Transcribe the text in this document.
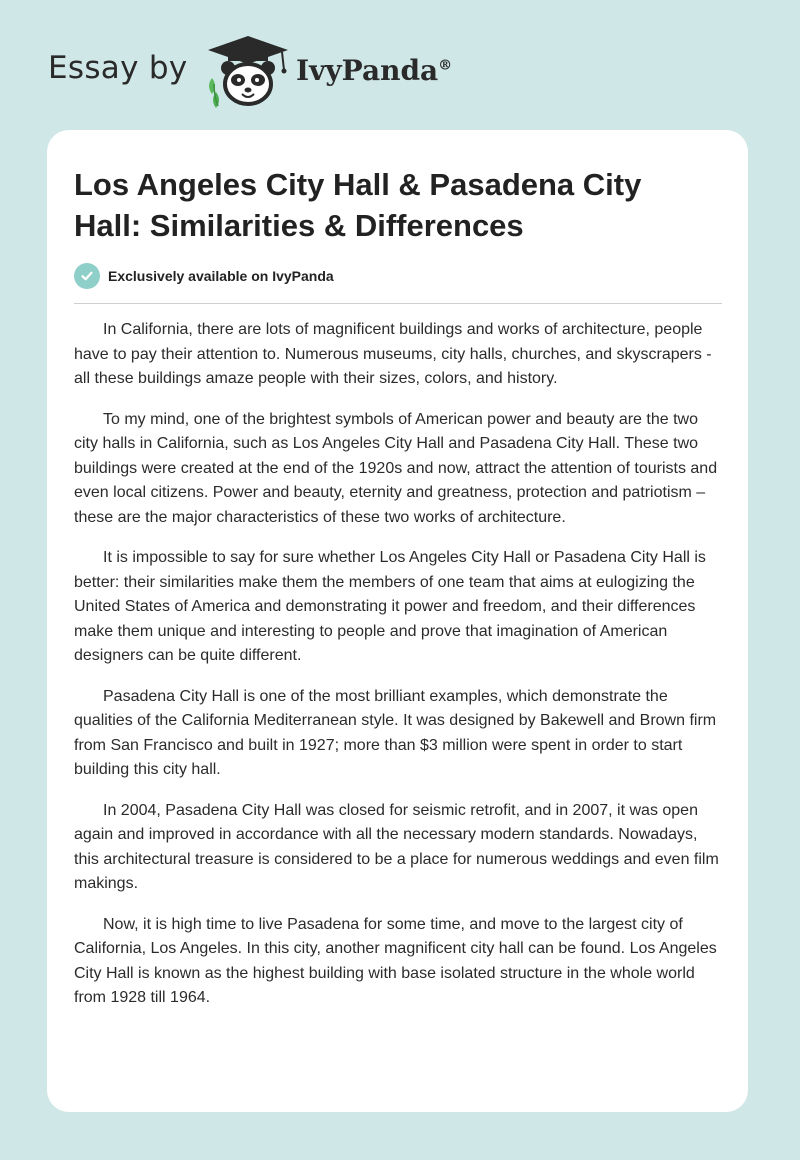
Essay by	IvyPanda®
Los Angeles City Hall & Pasadena City Hall: Similarities & Differences
Exclusively available on IvyPanda

In California, there are lots of magnificent buildings and works of architecture, people have to pay their attention to. Numerous museums, city halls, churches, and skyscrapers - all these buildings amaze people with their sizes, colors, and history.

To my mind, one of the brightest symbols of American power and beauty are the two city halls in California, such as Los Angeles City Hall and Pasadena City Hall. These two buildings were created at the end of the 1920s and now, attract the attention of tourists and even local citizens. Power and beauty, eternity and greatness, protection and patriotism – these are the major characteristics of these two works of architecture.

It is impossible to say for sure whether Los Angeles City Hall or Pasadena City Hall is better: their similarities make them the members of one team that aims at eulogizing the United States of America and demonstrating it power and freedom, and their differences make them unique and interesting to people and prove that imagination of American designers can be quite different.

Pasadena City Hall is one of the most brilliant examples, which demonstrate the qualities of the California Mediterranean style. It was designed by Bakewell and Brown firm from San Francisco and built in 1927; more than $3 million were spent in order to start building this city hall.

In 2004, Pasadena City Hall was closed for seismic retrofit, and in 2007, it was open again and improved in accordance with all the necessary modern standards. Nowadays, this architectural treasure is considered to be a place for numerous weddings and even film makings.

Now, it is high time to live Pasadena for some time, and move to the largest city of California, Los Angeles. In this city, another magnificent city hall can be found. Los Angeles City Hall is known as the highest building with base isolated structure in the whole world from 1928 till 1964.
